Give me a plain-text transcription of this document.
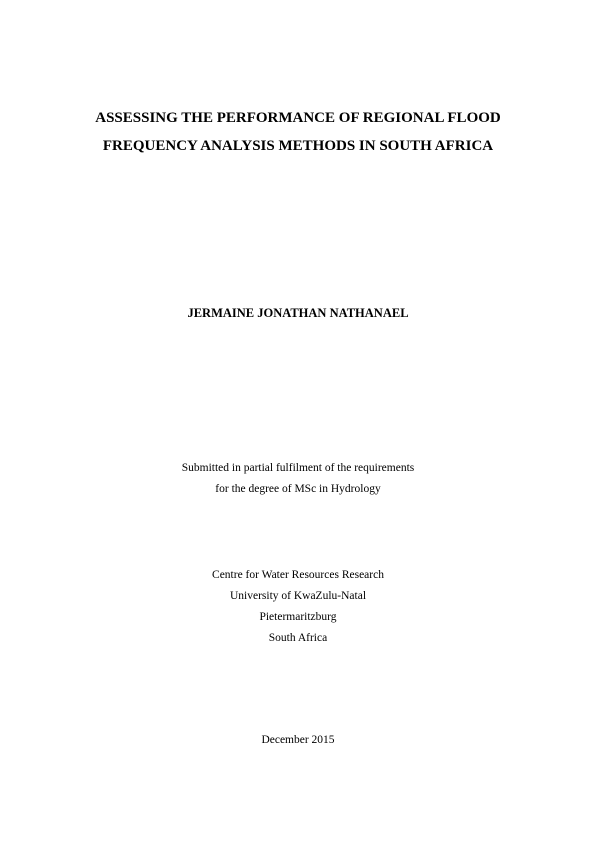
ASSESSING THE PERFORMANCE OF REGIONAL FLOOD
FREQUENCY ANALYSIS METHODS IN SOUTH AFRICA
JERMAINE JONATHAN NATHANAEL
Submitted in partial fulfilment of the requirements
for the degree of MSc in Hydrology
Centre for Water Resources Research
University of KwaZulu-Natal
Pietermaritzburg
South Africa
December 2015
